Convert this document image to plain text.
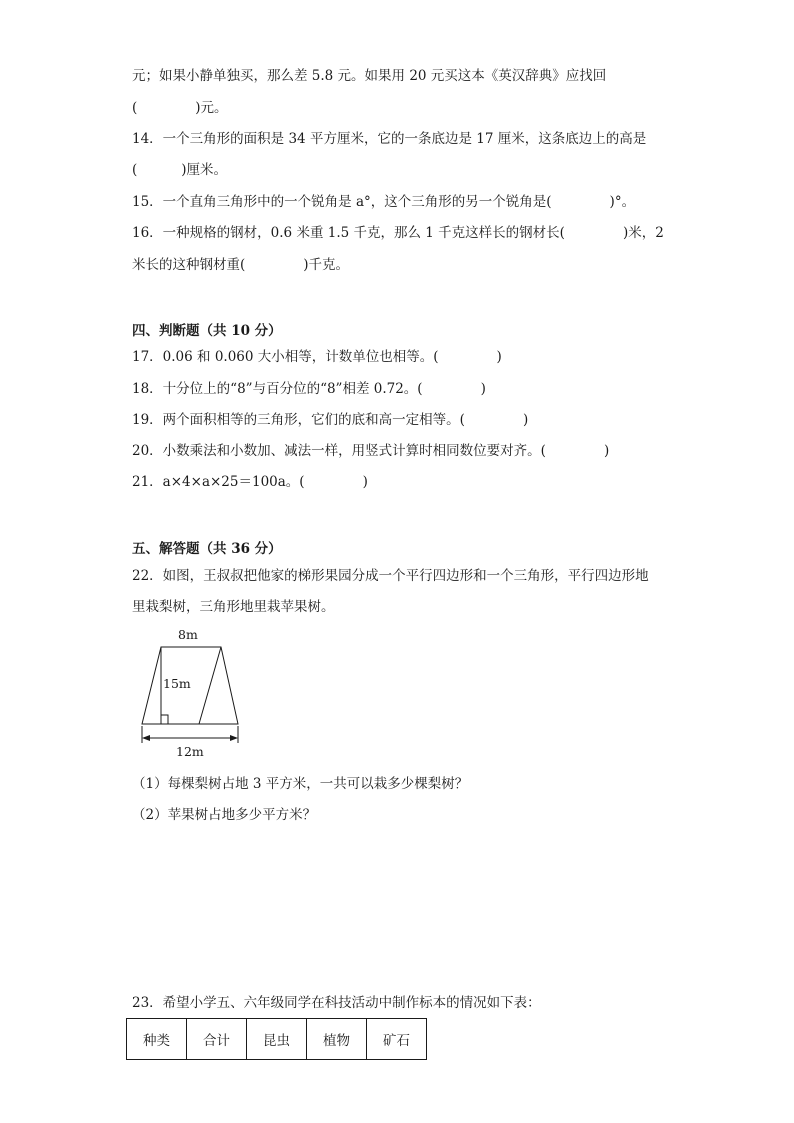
元；如果小静单独买，那么差 5.8 元。如果用 20 元买这本《英汉辞典》应找回
(	)元。
14．一个三角形的面积是 34 平方厘米，它的一条底边是 17 厘米，这条底边上的高是
(	)厘米。
15．一个直角三角形中的一个锐角是 a°，这个三角形的另一个锐角是(	)°。
16．一种规格的钢材，0.6 米重 1.5 千克，那么 1 千克这样长的钢材长(	)米，2
米长的这种钢材重(	)千克。
四、判断题（共 10 分）
17．0.06 和 0.060 大小相等，计数单位也相等。(	)
18．十分位上的“8”与百分位的“8”相差 0.72。(	)
19．两个面积相等的三角形，它们的底和高一定相等。(	)
20．小数乘法和小数加、减法一样，用竖式计算时相同数位要对齐。(	)
21．a×4×a×25＝100a。(	)
五、解答题（共 36 分）
22．如图，王叔叔把他家的梯形果园分成一个平行四边形和一个三角形，平行四边形地
里栽梨树，三角形地里栽苹果树。
8m
15m
12m
（1）每棵梨树占地 3 平方米，一共可以栽多少棵梨树？
（2）苹果树占地多少平方米？
23．希望小学五、六年级同学在科技活动中制作标本的情况如下表：
种类	合计	昆虫	植物	矿石
